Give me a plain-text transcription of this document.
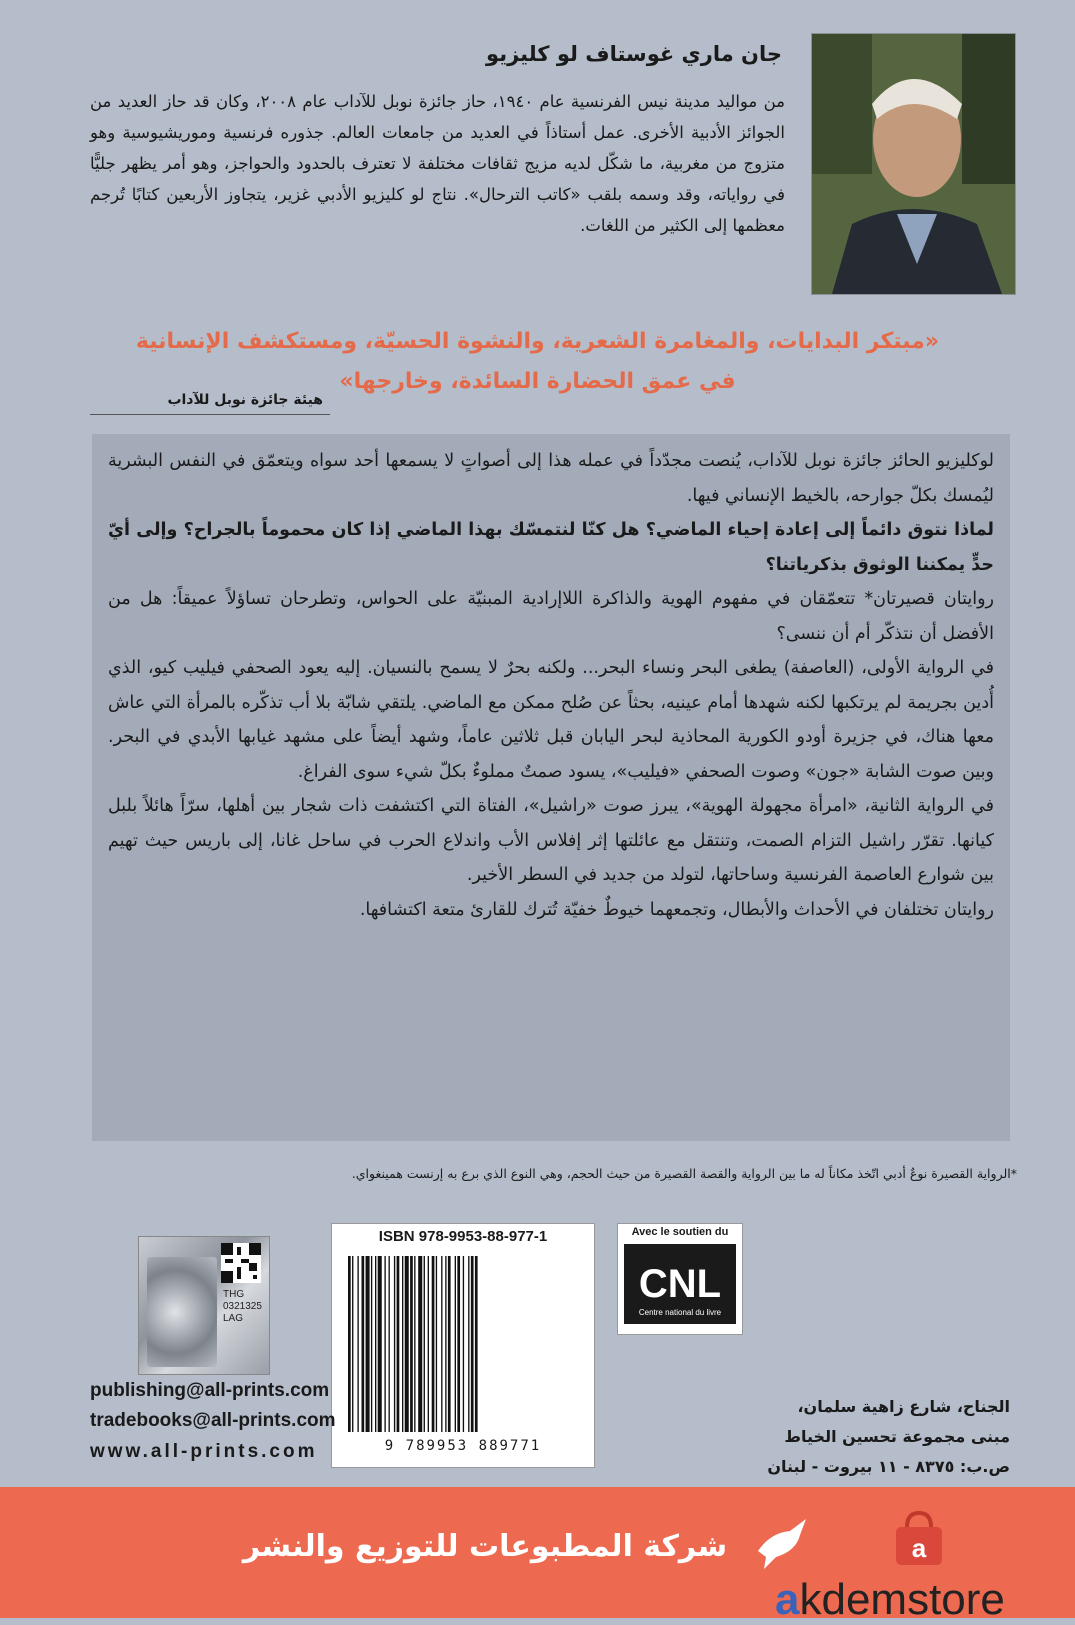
جان ماري غوستاف لو كليزيو
من مواليد مدينة نيس الفرنسية عام ١٩٤٠، حاز جائزة نوبل للآداب عام ٢٠٠٨، وكان قد حاز العديد من الجوائز الأدبية الأخرى. عمل أستاذاً في العديد من جامعات العالم. جذوره فرنسية وموريشيوسية وهو متزوج من مغربية، ما شكّل لديه مزيج ثقافات مختلفة لا تعترف بالحدود والحواجز، وهو أمر يظهر جليًّا في رواياته، وقد وسمه بلقب «كاتب الترحال». نتاج لو كليزيو الأدبي غزير، يتجاوز الأربعين كتابًا تُرجم معظمها إلى الكثير من اللغات.
«مبتكر البدايات، والمغامرة الشعرية، والنشوة الحسيّة، ومستكشف الإنسانية
في عمق الحضارة السائدة، وخارجها»
هيئة جائزة نوبل للآداب

لوكليزيو الحائز جائزة نوبل للآداب، يُنصت مجدّداً في عمله هذا إلى أصواتٍ لا يسمعها أحد سواه ويتعمّق في النفس البشرية ليُمسك بكلّ جوارحه، بالخيط الإنساني فيها.

لماذا نتوق دائماً إلى إعادة إحياء الماضي؟ هل كنّا لنتمسّك بهذا الماضي إذا كان محموماً بالجراح؟ وإلى أيّ حدٍّ يمكننا الوثوق بذكرياتنا؟

روايتان قصيرتان* تتعمّقان في مفهوم الهوية والذاكرة اللاإرادية المبنيّة على الحواس، وتطرحان تساؤلاً عميقاً: هل من الأفضل أن نتذكّر أم أن ننسى؟

في الرواية الأولى، (العاصفة) يطغى البحر ونساء البحر... ولكنه بحرٌ لا يسمح بالنسيان. إليه يعود الصحفي فيليب كيو، الذي أُدين بجريمة لم يرتكبها لكنه شهدها أمام عينيه، بحثاً عن صُلح ممكن مع الماضي. يلتقي شابّة بلا أب تذكّره بالمرأة التي عاش معها هناك، في جزيرة أودو الكورية المحاذية لبحر اليابان قبل ثلاثين عاماً، وشهد أيضاً على مشهد غيابها الأبدي في البحر. وبين صوت الشابة «جون» وصوت الصحفي «فيليب»، يسود صمتٌ مملوءٌ بكلّ شيء سوى الفراغ.

في الرواية الثانية، «امرأة مجهولة الهوية»، يبرز صوت «راشيل»، الفتاة التي اكتشفت ذات شجار بين أهلها، سرّاً هائلاً بلبل كيانها. تقرّر راشيل التزام الصمت، وتنتقل مع عائلتها إثر إفلاس الأب واندلاع الحرب في ساحل غانا، إلى باريس حيث تهيم بين شوارع العاصمة الفرنسية وساحاتها، لتولد من جديد في السطر الأخير.

روايتان تختلفان في الأحداث والأبطال، وتجمعهما خيوطٌ خفيّة تُترك للقارئ متعة اكتشافها.

*الرواية القصيرة نوعٌ أدبي اتّخذ مكاناً له ما بين الرواية والقصة القصيرة من حيث الحجم، وهي النوع الذي برع به إرنست همينغواي.
THG
0321325
LAG
ISBN 978-9953-88-977-1
9 789953 889771
Avec le soutien du
CNL
Centre national du livre
publishing@all-prints.com
tradebooks@all-prints.com
www.all-prints.com
الجناح، شارع زاهية سلمان،
مبنى مجموعة تحسين الخياط
ص.ب: ٨٣٧٥ - ١١ بيروت - لبنان
شركة المطبوعات للتوزيع والنشر	a
akdemstore
